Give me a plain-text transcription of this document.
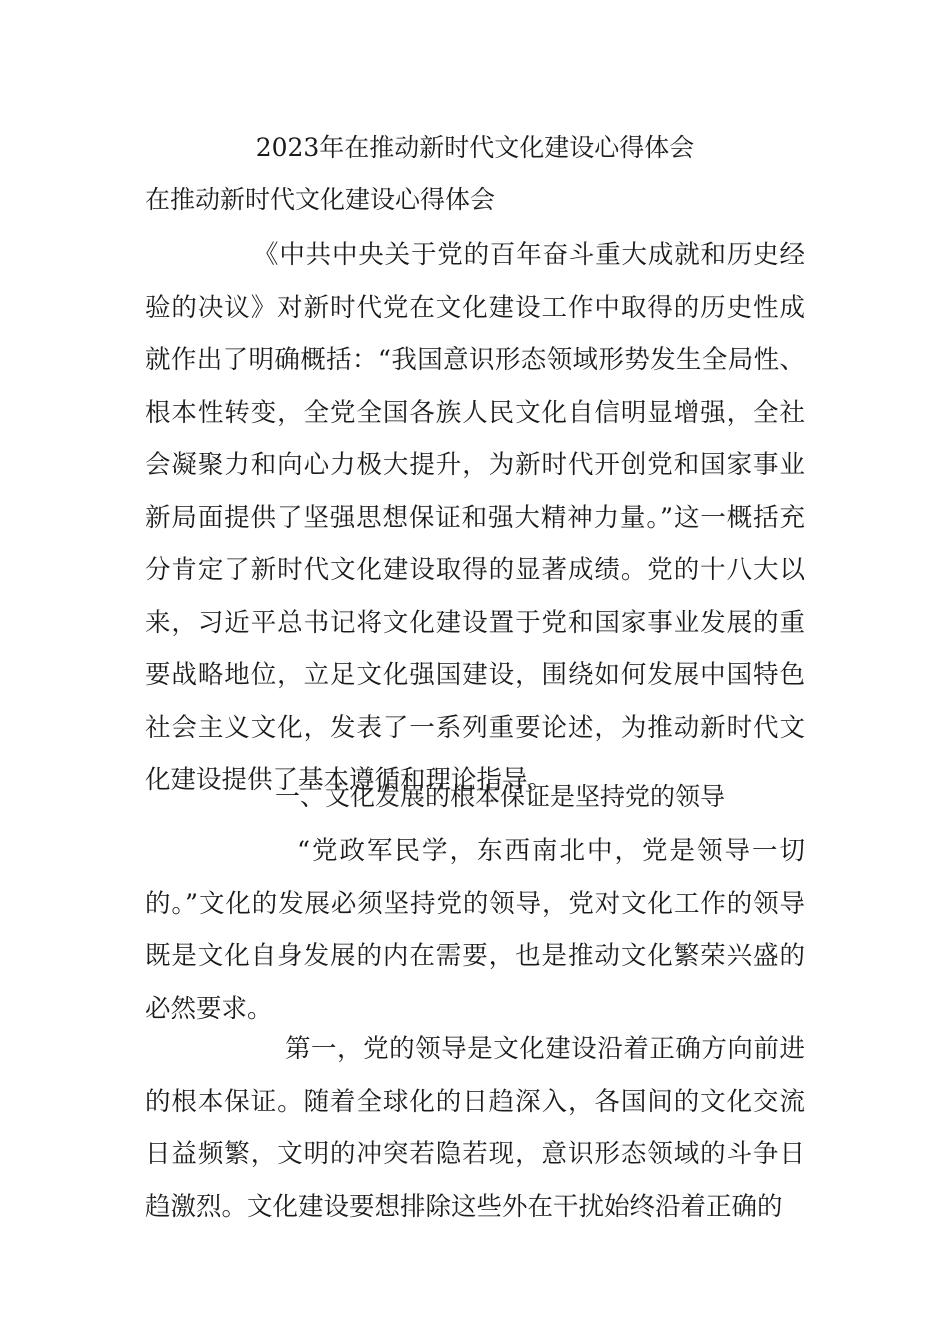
2023年在推动新时代文化建设心得体会
在推动新时代文化建设心得体会

《中共中央关于党的百年奋斗重大成就和历史经验的决议》对新时代党在文化建设工作中取得的历史性成就作出了明确概括：“我国意识形态领域形势发生全局性、根本性转变，全党全国各族人民文化自信明显增强，全社会凝聚力和向心力极大提升，为新时代开创党和国家事业新局面提供了坚强思想保证和强大精神力量。”这一概括充分肯定了新时代文化建设取得的显著成绩。党的十八大以来，习近平总书记将文化建设置于党和国家事业发展的重要战略地位，立足文化强国建设，围绕如何发展中国特色社会主义文化，发表了一系列重要论述，为推动新时代文化建设提供了基本遵循和理论指导。

一、文化发展的根本保证是坚持党的领导

“党政军民学，东西南北中，党是领导一切的。”文化的发展必须坚持党的领导，党对文化工作的领导既是文化自身发展的内在需要，也是推动文化繁荣兴盛的必然要求。

第一，党的领导是文化建设沿着正确方向前进的根本保证。随着全球化的日趋深入，各国间的文化交流日益频繁，文明的冲突若隐若现，意识形态领域的斗争日趋激烈。文化建设要想排除这些外在干扰始终沿着正确的
